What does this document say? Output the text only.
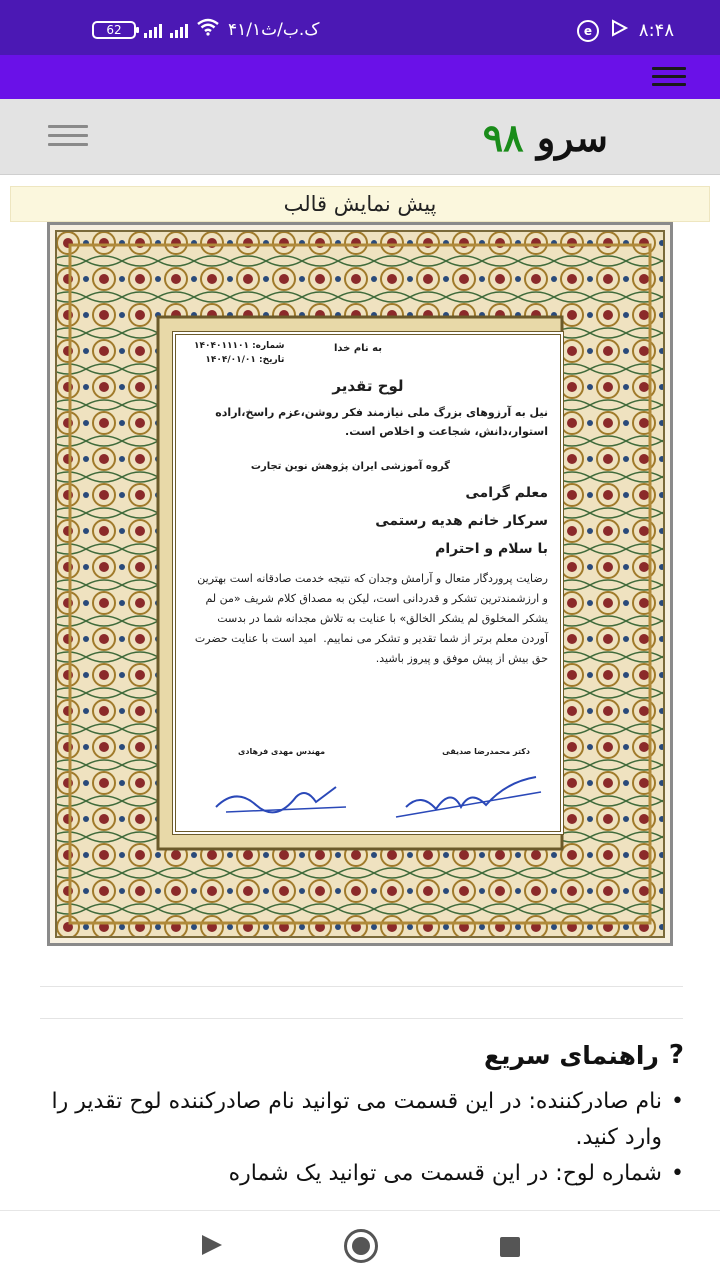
62	۴۱/۱ک.ب/ث	e	۸:۴۸
سرو ۹۸
پیش نمایش قالب
به نام خدا
شماره: ۱۴۰۴۰۱۱۱۰۱
تاریخ: ۱۴۰۴/۰۱/۰۱
لوح تقدیر
نیل به آرزوهای بزرگ ملی نیازمند فکر روشن،عزم راسخ،اراده استوار،دانش، شجاعت و اخلاص است.
گروه آموزشی ایران پژوهش نوین تجارت
معلم گرامی
سرکار خانم هدیه رستمی
با سلام و احترام
رضایت پروردگار متعال و آرامش وجدان که نتیجه خدمت صادقانه است بهترین و ارزشمندترین تشکر و قدردانی است، لیکن به مصداق کلام شریف «من لم یشکر المخلوق لم یشکر الخالق» با عنایت به تلاش مجدانه شما در بدست آوردن معلم برتر از شما تقدیر و تشکر می نماییم.  امید است با عنایت حضرت حق بیش از پیش موفق و پیروز باشید.
دکتر محمدرضا صدیقی
مهندس مهدی فرهادی
?
راهنمای سریع
• نام صادرکننده: در این قسمت می توانید نام صادرکننده لوح تقدیر را وارد کنید.
• شماره لوح: در این قسمت می توانید یک شماره
